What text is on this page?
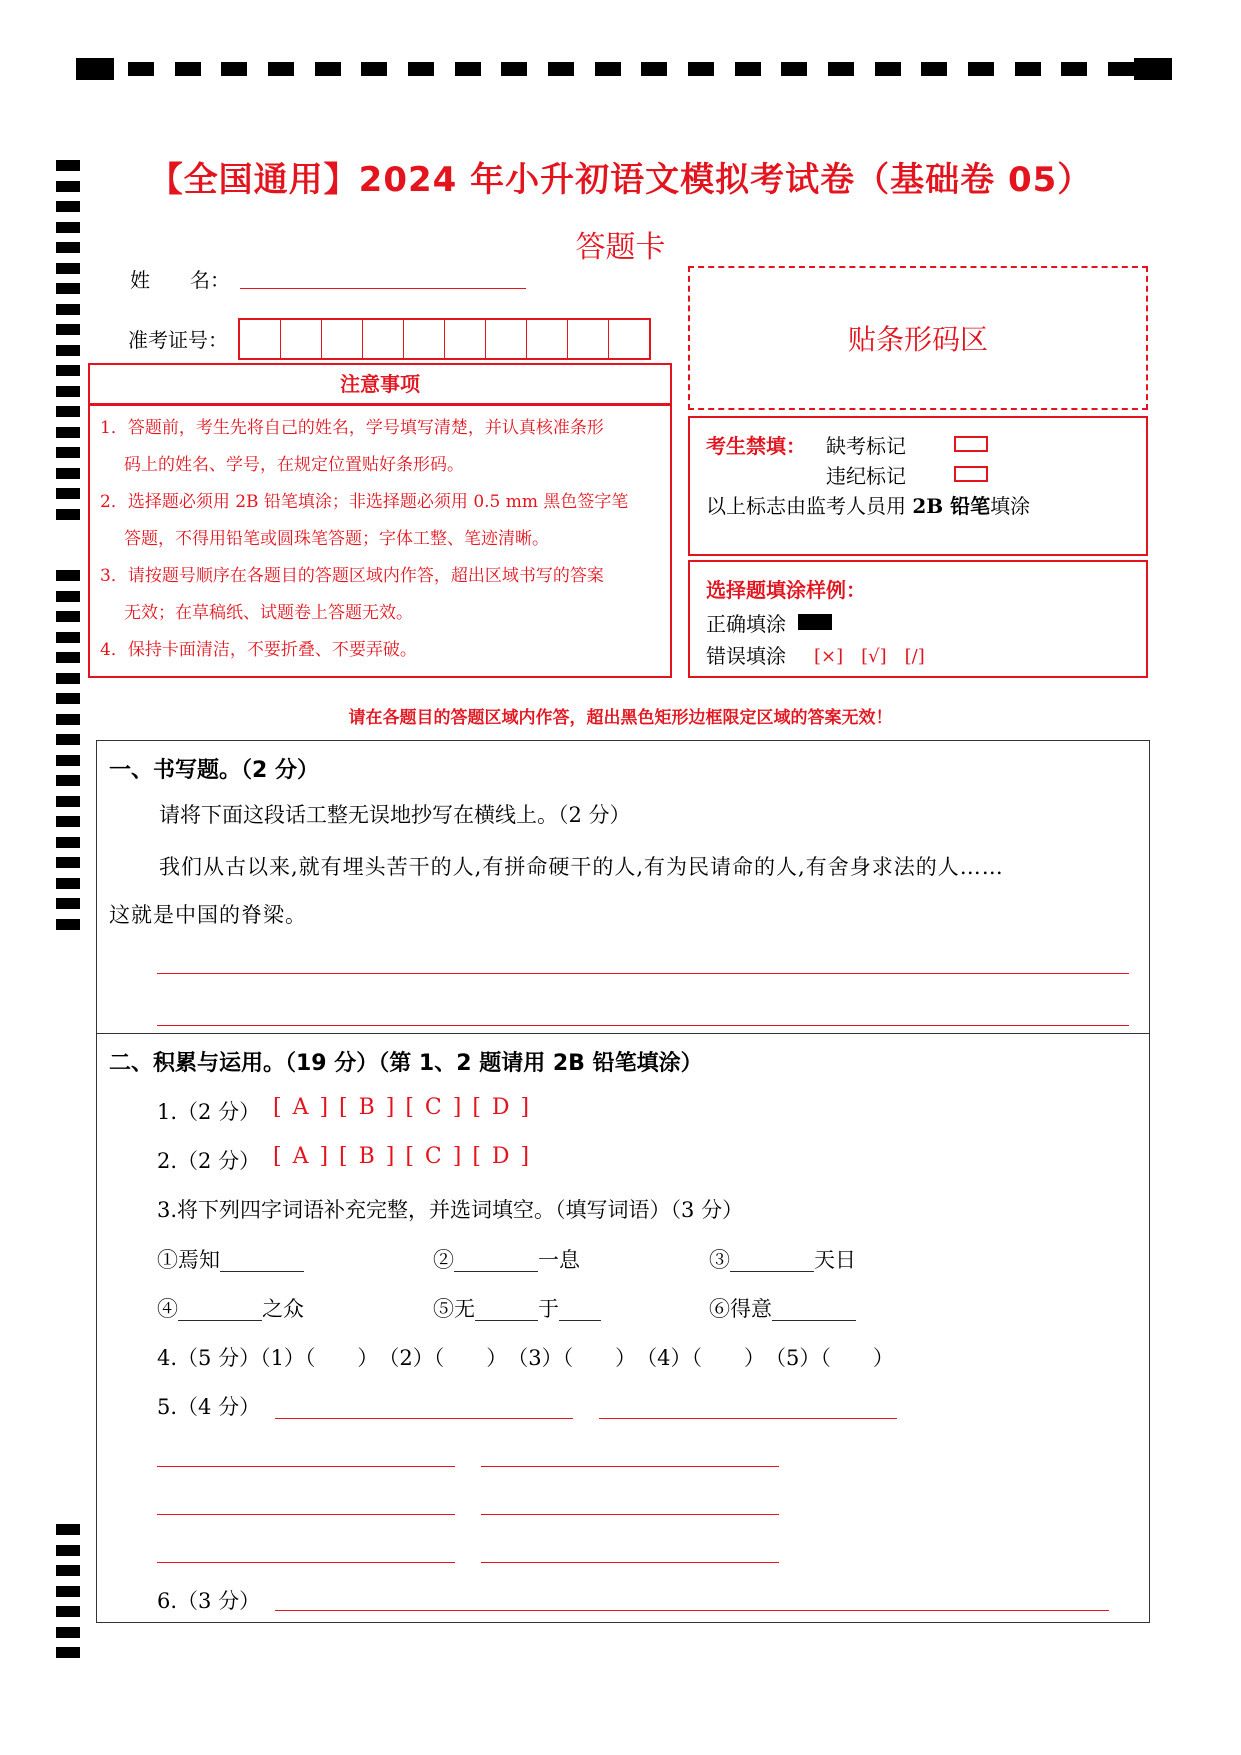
【全国通用】2024 年小升初语文模拟考试卷（基础卷 05）
答题卡
姓　　名：
准考证号：	贴条形码区
注意事项
1．答题前，考生先将自己的姓名，学号填写清楚，并认真核准条形
码上的姓名、学号，在规定位置贴好条形码。
2．选择题必须用 2B 铅笔填涂；非选择题必须用 0.5 mm 黑色签字笔
答题，不得用铅笔或圆珠笔答题；字体工整、笔迹清晰。
3．请按题号顺序在各题目的答题区域内作答，超出区域书写的答案
无效；在草稿纸、试题卷上答题无效。
4．保持卡面清洁，不要折叠、不要弄破。
考生禁填： 缺考标记
违纪标记
以上标志由监考人员用 2B 铅笔填涂
选择题填涂样例：
正确填涂
错误填涂 [×]　[√]　[/]
请在各题目的答题区域内作答，超出黑色矩形边框限定区域的答案无效！
一、书写题。（2 分）
请将下面这段话工整无误地抄写在横线上。（2 分）
我们从古以来,就有埋头苦干的人,有拼命硬干的人,有为民请命的人,有舍身求法的人……
这就是中国的脊梁。
二、积累与运用。（19 分）（第 1、2 题请用 2B 铅笔填涂）
1.（2 分） [ A ] [ B ] [ C ] [ D ]
2.（2 分） [ A ] [ B ] [ C ] [ D ]
3.将下列四字词语补充完整，并选词填空。（填写词语）（3 分）
①焉知________	②________一息	③________天日
④________之众	⑤无______于____	⑥得意________
4.（5 分）（1）（　　）　（2）（　　）　（3）（　　）　（4）（　　）　（5）（　　）
5.（4 分）
6.（3 分）
